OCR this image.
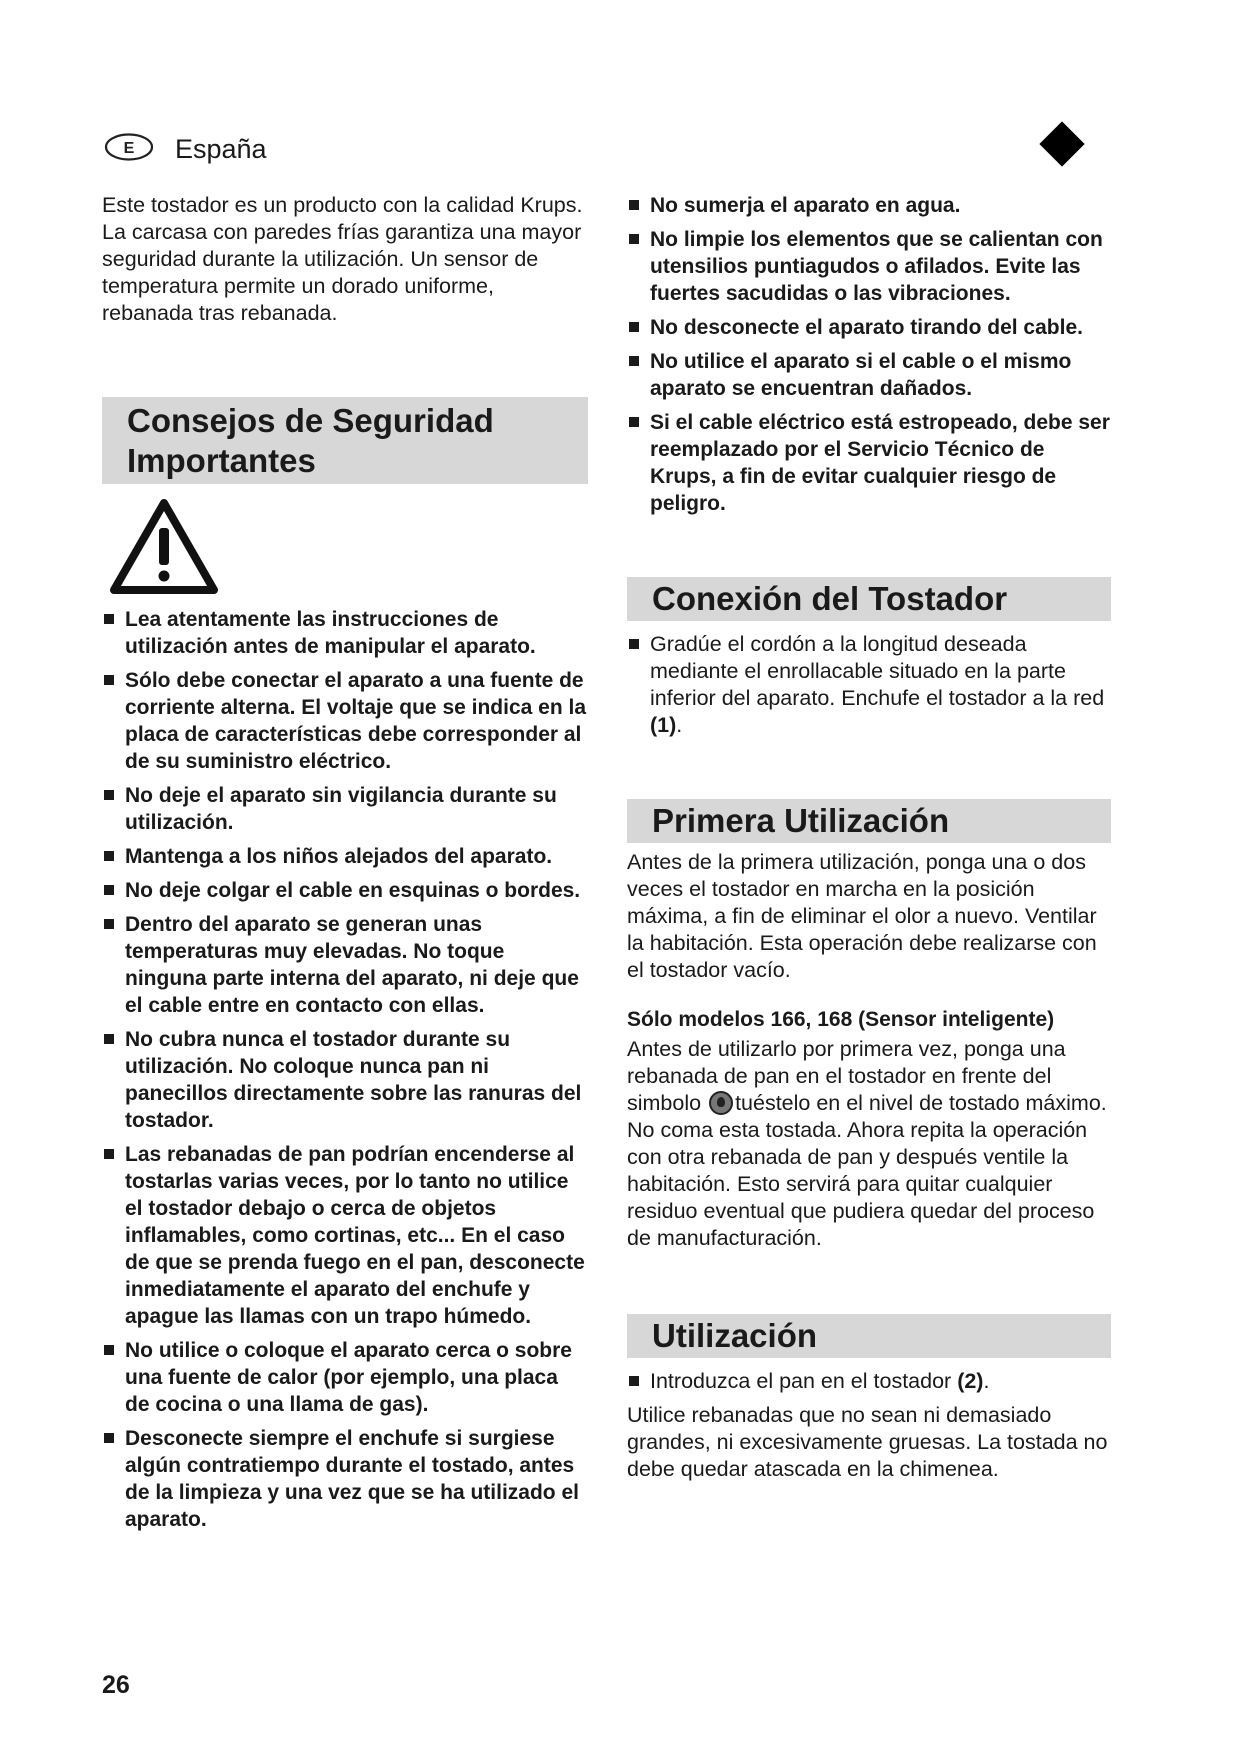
E España

Este tostador es un producto con la calidad Krups. La carcasa con paredes frías garantiza una mayor seguridad durante la utilización. Un sensor de temperatura permite un dorado uniforme, rebanada tras rebanada.

Consejos de Seguridad
Importantes
Lea atentamente las instrucciones de utilización antes de manipular el aparato.
Sólo debe conectar el aparato a una fuente de corriente alterna. El voltaje que se indica en la placa de características debe corresponder al de su suministro eléctrico.
No deje el aparato sin vigilancia durante su utilización.
Mantenga a los niños alejados del aparato.
No deje colgar el cable en esquinas o bordes.
Dentro del aparato se generan unas temperaturas muy elevadas. No toque ninguna parte interna del aparato, ni deje que el cable entre en contacto con ellas.
No cubra nunca el tostador durante su utilización. No coloque nunca pan ni panecillos directamente sobre las ranuras del tostador.
Las rebanadas de pan podrían encenderse al tostarlas varias veces, por lo tanto no utilice el tostador debajo o cerca de objetos inflamables, como cortinas, etc... En el caso de que se prenda fuego en el pan, desconecte inmediatamente el aparato del enchufe y apague las llamas con un trapo húmedo.
No utilice o coloque el aparato cerca o sobre una fuente de calor (por ejemplo, una placa de cocina o una llama de gas).
Desconecte siempre el enchufe si surgiese algún contratiempo durante el tostado, antes de la limpieza y una vez que se ha utilizado el aparato.
No sumerja el aparato en agua.
No limpie los elementos que se calientan con utensilios puntiagudos o afilados. Evite las fuertes sacudidas o las vibraciones.
No desconecte el aparato tirando del cable.
No utilice el aparato si el cable o el mismo aparato se encuentran dañados.
Si el cable eléctrico está estropeado, debe ser reemplazado por el Servicio Técnico de Krups, a fin de evitar cualquier riesgo de peligro.
Conexión del Tostador
Gradúe el cordón a la longitud deseada mediante el enrollacable situado en la parte inferior del aparato. Enchufe el tostador a la red (1).
Primera Utilización

Antes de la primera utilización, ponga una o dos veces el tostador en marcha en la posición máxima, a fin de eliminar el olor a nuevo. Ventilar la habitación. Esta operación debe realizarse con el tostador vacío.

Sólo modelos 166, 168 (Sensor inteligente)

Antes de utilizarlo por primera vez, ponga una rebanada de pan en el tostador en frente del simbolo tuéstelo en el nivel de tostado máximo. No coma esta tostada. Ahora repita la operación con otra rebanada de pan y después ventile la habitación. Esto servirá para quitar cualquier residuo eventual que pudiera quedar del proceso de manufacturación.

Utilización
Introduzca el pan en el tostador (2).

Utilice rebanadas que no sean ni demasiado grandes, ni excesivamente gruesas. La tostada no debe quedar atascada en la chimenea.

26
